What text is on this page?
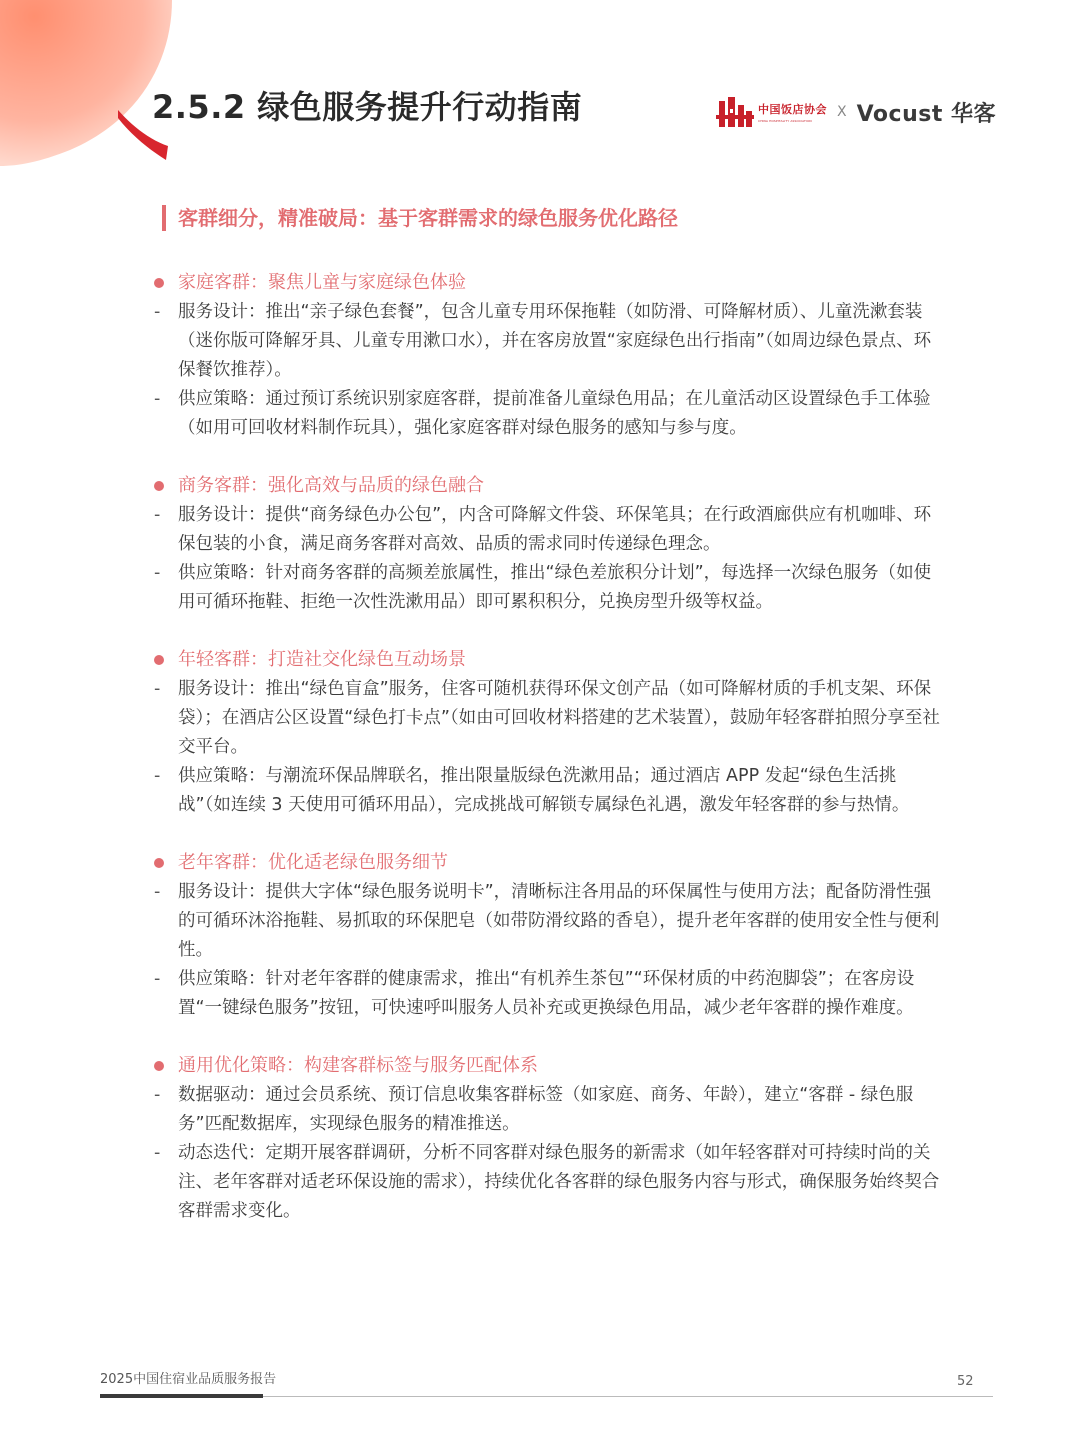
2.5.2 绿色服务提升行动指南	中国饭店协会
CHINA HOSPITALITY ASSOCIATION
X Vocust 华客
客群细分，精准破局：基于客群需求的绿色服务优化路径
家庭客群：聚焦儿童与家庭绿色体验
- 服务设计：推出“亲子绿色套餐”，包含儿童专用环保拖鞋（如防滑、可降解材质）、儿童洗漱套装（迷你版可降解牙具、儿童专用漱口水），并在客房放置“家庭绿色出行指南”（如周边绿色景点、环保餐饮推荐）。
- 供应策略：通过预订系统识别家庭客群，提前准备儿童绿色用品；在儿童活动区设置绿色手工体验（如用可回收材料制作玩具），强化家庭客群对绿色服务的感知与参与度。
商务客群：强化高效与品质的绿色融合
- 服务设计：提供“商务绿色办公包”，内含可降解文件袋、环保笔具；在行政酒廊供应有机咖啡、环保包装的小食，满足商务客群对高效、品质的需求同时传递绿色理念。
- 供应策略：针对商务客群的高频差旅属性，推出“绿色差旅积分计划”，每选择一次绿色服务（如使用可循环拖鞋、拒绝一次性洗漱用品）即可累积积分，兑换房型升级等权益。
年轻客群：打造社交化绿色互动场景
- 服务设计：推出“绿色盲盒”服务，住客可随机获得环保文创产品（如可降解材质的手机支架、环保袋）；在酒店公区设置“绿色打卡点”（如由可回收材料搭建的艺术装置），鼓励年轻客群拍照分享至社交平台。
- 供应策略：与潮流环保品牌联名，推出限量版绿色洗漱用品；通过酒店 APP 发起“绿色生活挑战”（如连续 3 天使用可循环用品），完成挑战可解锁专属绿色礼遇，激发年轻客群的参与热情。
老年客群：优化适老绿色服务细节
- 服务设计：提供大字体“绿色服务说明卡”，清晰标注各用品的环保属性与使用方法；配备防滑性强的可循环沐浴拖鞋、易抓取的环保肥皂（如带防滑纹路的香皂），提升老年客群的使用安全性与便利性。
- 供应策略：针对老年客群的健康需求，推出“有机养生茶包”“环保材质的中药泡脚袋”；在客房设置“一键绿色服务”按钮，可快速呼叫服务人员补充或更换绿色用品，减少老年客群的操作难度。
通用优化策略：构建客群标签与服务匹配体系
- 数据驱动：通过会员系统、预订信息收集客群标签（如家庭、商务、年龄），建立“客群 - 绿色服务”匹配数据库，实现绿色服务的精准推送。
- 动态迭代：定期开展客群调研，分析不同客群对绿色服务的新需求（如年轻客群对可持续时尚的关注、老年客群对适老环保设施的需求），持续优化各客群的绿色服务内容与形式，确保服务始终契合客群需求变化。
2025中国住宿业品质服务报告	52
